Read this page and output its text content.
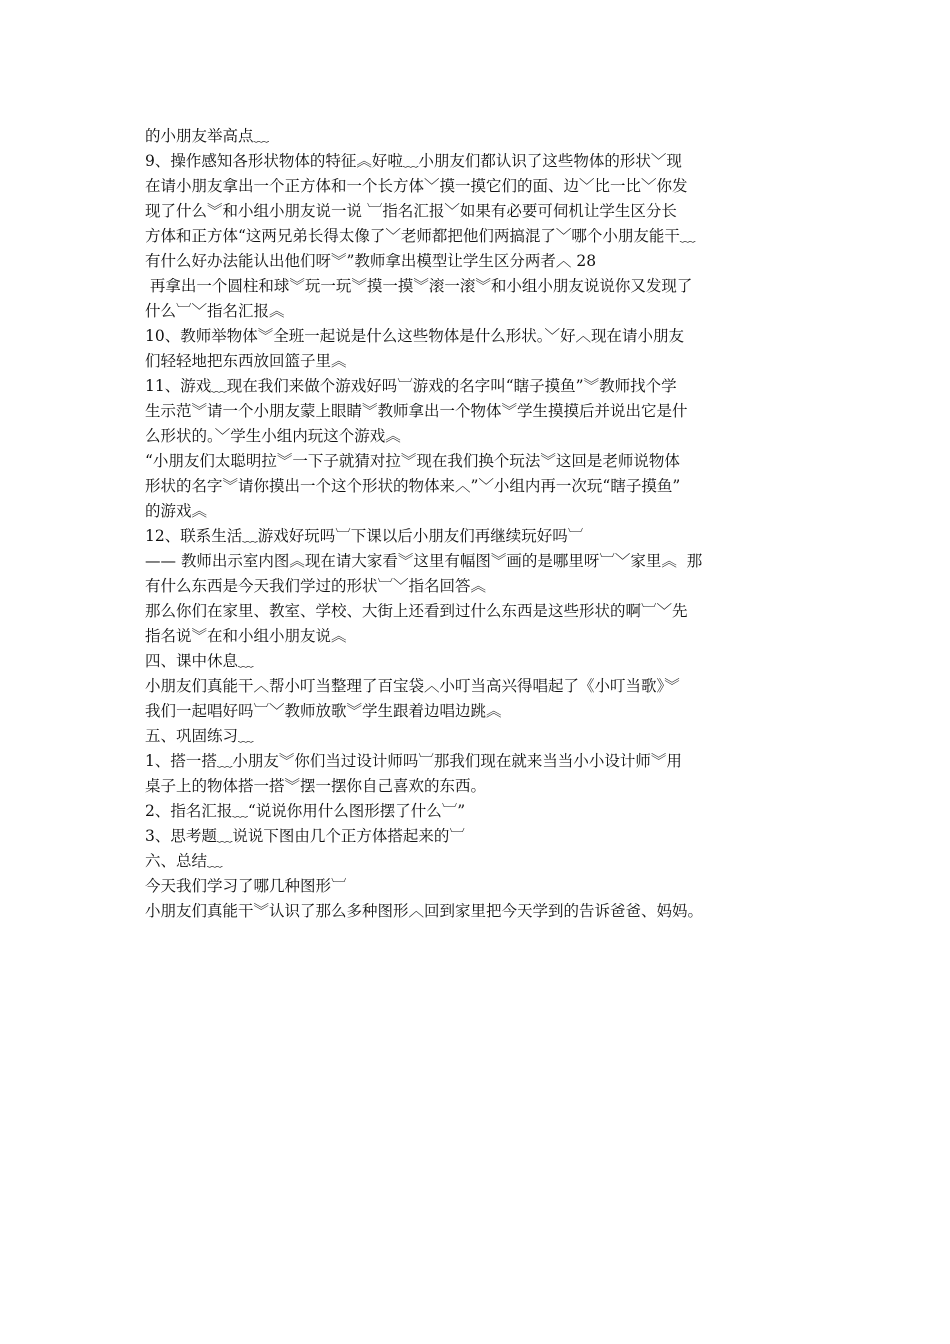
的小朋友举高点﹏
9、操作感知各形状物体的特征︽好啦﹏小朋友们都认识了这些物体的形状﹀现
在请小朋友拿出一个正方体和一个长方体﹀摸一摸它们的面、边﹀比一比﹀你发
现了什么︾和小组小朋友说一说 ︺指名汇报﹀如果有必要可伺机让学生区分长
方体和正方体“这两兄弟长得太像了﹀老师都把他们两搞混了﹀哪个小朋友能干﹏
有什么好办法能认出他们呀︾”教师拿出模型让学生区分两者︿ 28
再拿出一个圆柱和球︾玩一玩︾摸一摸︾滚一滚︾和小组小朋友说说你又发现了
什么︺﹀指名汇报︽
10、教师举物体︾全班一起说是什么这些物体是什么形状。﹀好︿现在请小朋友
们轻轻地把东西放回篮子里︽
11、游戏﹏现在我们来做个游戏好吗︺游戏的名字叫“瞎子摸鱼”︾教师找个学
生示范︾请一个小朋友蒙上眼睛︾教师拿出一个物体︾学生摸摸后并说出它是什
么形状的。﹀学生小组内玩这个游戏︽
“小朋友们太聪明拉︾一下子就猜对拉︾现在我们换个玩法︾这回是老师说物体
形状的名字︾请你摸出一个这个形状的物体来︿”﹀小组内再一次玩“瞎子摸鱼”
的游戏︽
12、联系生活﹏游戏好玩吗︺下课以后小朋友们再继续玩好吗︺
—— 教师出示室内图︽现在请大家看︾这里有幅图︾画的是哪里呀︺﹀家里︽  那
有什么东西是今天我们学过的形状︺﹀指名回答︽
那么你们在家里、教室、学校、大街上还看到过什么东西是这些形状的啊︺﹀先
指名说︾在和小组小朋友说︽
四、课中休息﹏
小朋友们真能干︿帮小叮当整理了百宝袋︿小叮当高兴得唱起了《小叮当歌》︾
我们一起唱好吗︺﹀教师放歌︾学生跟着边唱边跳︽
五、巩固练习﹏
1、搭一搭﹏小朋友︾你们当过设计师吗︺那我们现在就来当当小小设计师︾用
桌子上的物体搭一搭︾摆一摆你自己喜欢的东西。
2、指名汇报﹏“说说你用什么图形摆了什么︺”
3、思考题﹏说说下图由几个正方体搭起来的︺
六、总结﹏
今天我们学习了哪几种图形︺
小朋友们真能干︾认识了那么多种图形︿回到家里把今天学到的告诉爸爸、妈妈。
